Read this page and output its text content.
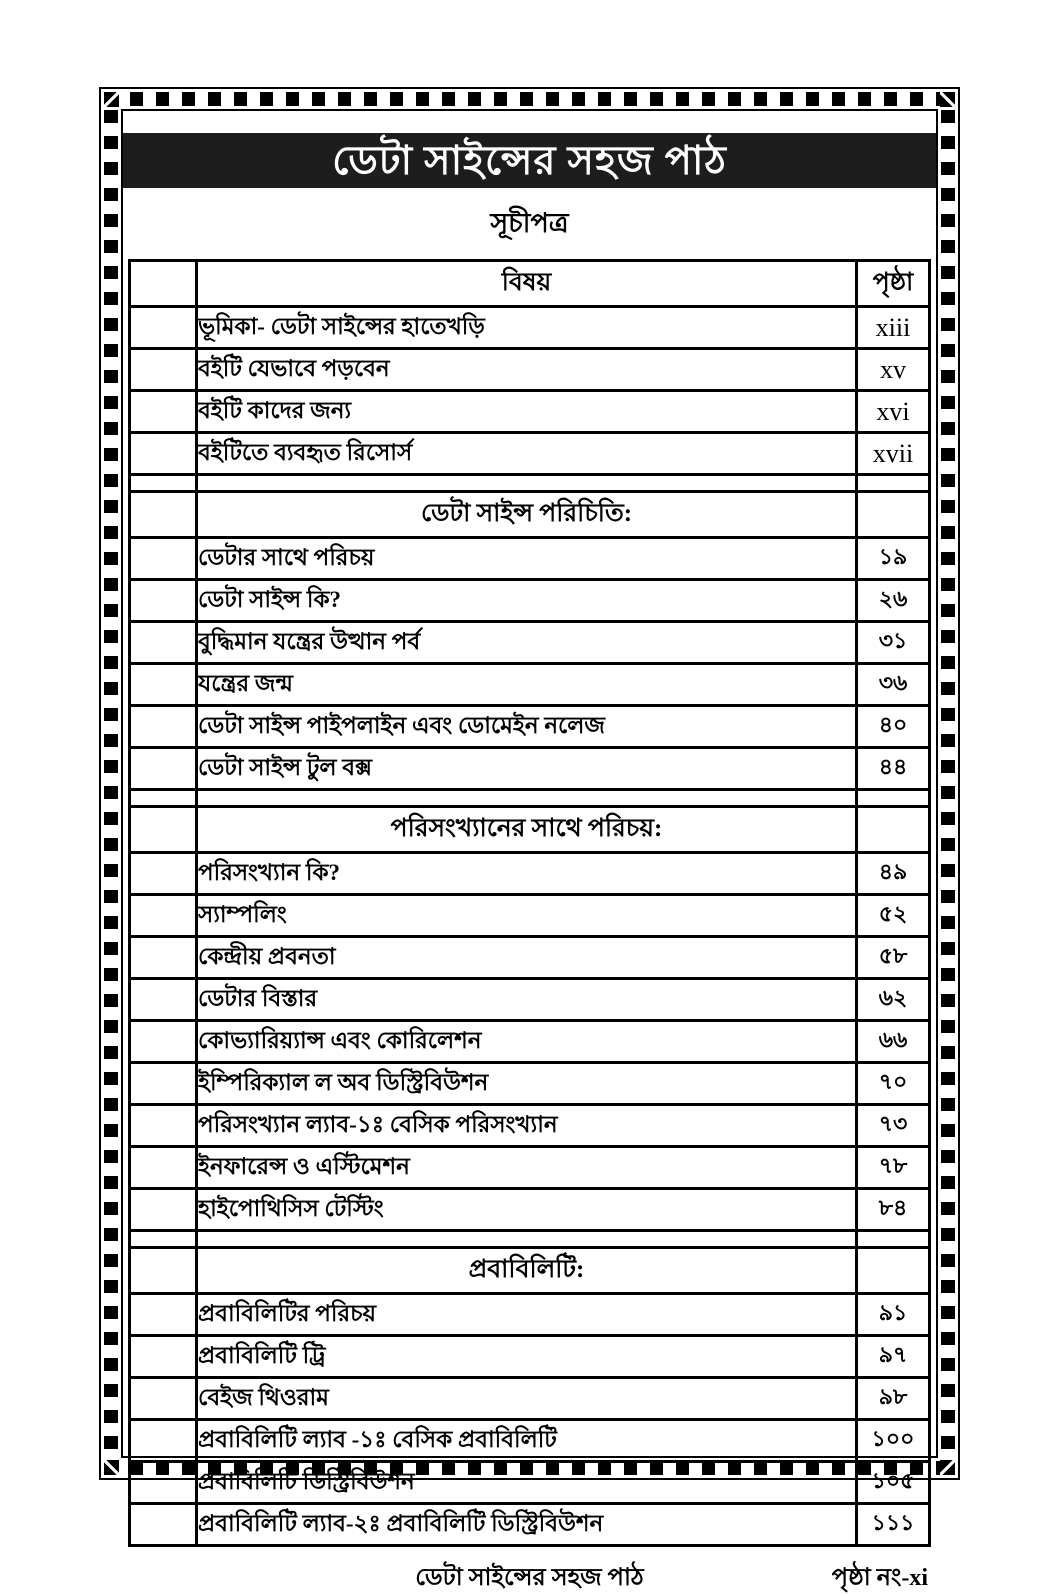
ডেটা সাইন্সের সহজ পাঠ
সূচীপত্র
	বিষয়	পৃষ্ঠা
	ভূমিকা- ডেটা সাইন্সের হাতেখড়ি	xiii
	বইটি যেভাবে পড়বেন	xv
	বইটি কাদের জন্য	xvi
	বইটিতে ব্যবহৃত রিসোর্স	xvii

	ডেটা সাইন্স পরিচিতি:	
	ডেটার সাথে পরিচয়	১৯
	ডেটা সাইন্স কি?	২৬
	বুদ্ধিমান যন্ত্রের উত্থান পর্ব	৩১
	যন্ত্রের জন্ম	৩৬
	ডেটা সাইন্স পাইপলাইন এবং ডোমেইন নলেজ	৪০
	ডেটা সাইন্স টুল বক্স	৪৪

	পরিসংখ্যানের সাথে পরিচয়:	
	পরিসংখ্যান কি?	৪৯
	স্যাম্পলিং	৫২
	কেন্দ্রীয় প্রবনতা	৫৮
	ডেটার বিস্তার	৬২
	কোভ্যারিয়্যান্স এবং কোরিলেশন	৬৬
	ইম্পিরিক্যাল ল অব ডিস্ট্রিবিউশন	৭০
	পরিসংখ্যান ল্যাব-১ঃ বেসিক পরিসংখ্যান	৭৩
	ইনফারেন্স ও এস্টিমেশন	৭৮
	হাইপোথিসিস টেস্টিং	৮৪

	প্রবাবিলিটি:	
	প্রবাবিলিটির পরিচয়	৯১
	প্রবাবিলিটি ট্রি	৯৭
	বেইজ থিওরাম	৯৮
	প্রবাবিলিটি ল্যাব -১ঃ বেসিক প্রবাবিলিটি	১০০
	প্রবাবিলিটি ডিস্ট্রিবিউশন	১০৫
	প্রবাবিলিটি ল্যাব-২ঃ প্রবাবিলিটি ডিস্ট্রিবিউশন	১১১
ডেটা সাইন্সের সহজ পাঠ	পৃষ্ঠা নং-xi
